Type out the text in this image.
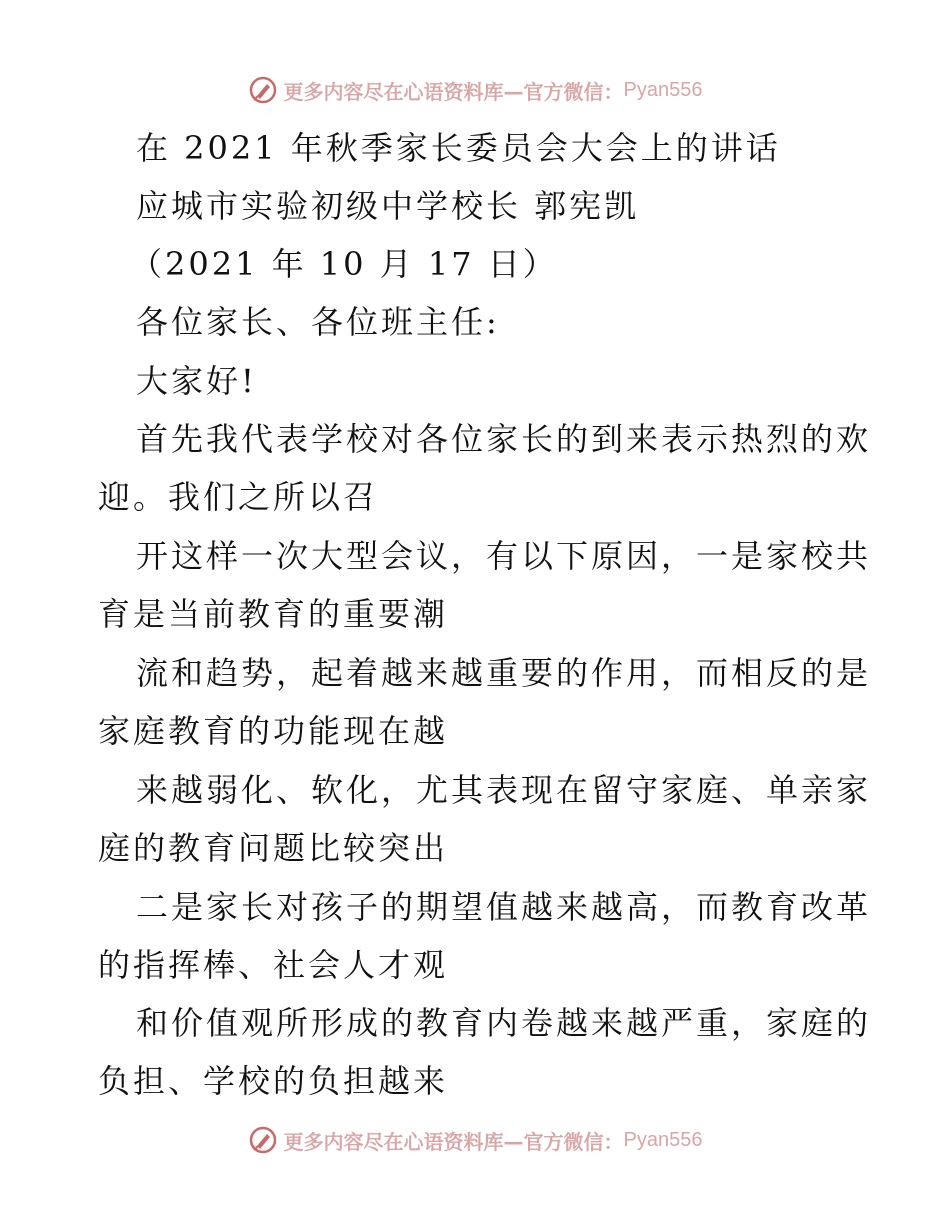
更多内容尽在心语资料库—官方微信： Pyan556
在 2021 年秋季家长委员会大会上的讲话
应城市实验初级中学校长 郭宪凯
（2021 年 10 月 17 日）
各位家长、各位班主任:
大家好!
首先我代表学校对各位家长的到来表示热烈的欢
迎。我们之所以召
开这样一次大型会议，有以下原因，一是家校共
育是当前教育的重要潮
流和趋势，起着越来越重要的作用，而相反的是
家庭教育的功能现在越
来越弱化、软化，尤其表现在留守家庭、单亲家
庭的教育问题比较突出
二是家长对孩子的期望值越来越高，而教育改革
的指挥棒、社会人才观
和价值观所形成的教育内卷越来越严重，家庭的
负担、学校的负担越来
更多内容尽在心语资料库—官方微信： Pyan556
